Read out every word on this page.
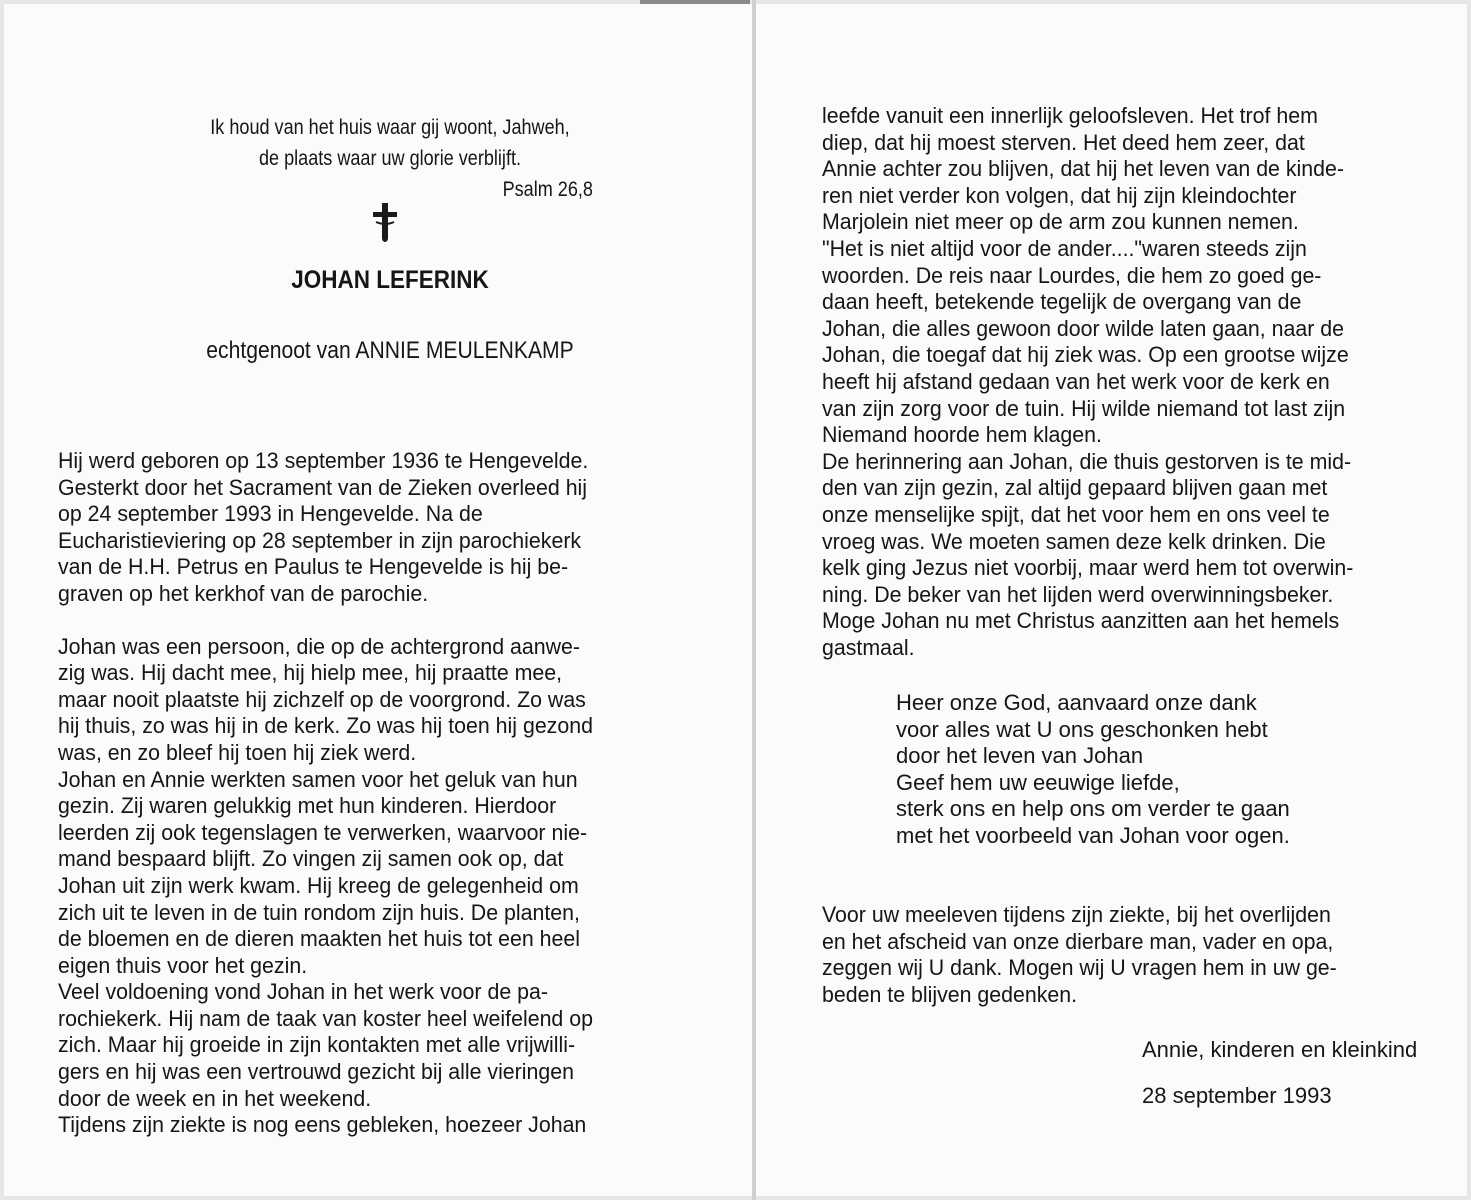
Ik houd van het huis waar gij woont, Jahweh,
de plaats waar uw glorie verblijft.
Psalm 26,8
JOHAN LEFERINK
echtgenoot van ANNIE MEULENKAMP
Hij werd geboren op 13 september 1936 te Hengevelde.
Gesterkt door het Sacrament van de Zieken overleed hij
op 24 september 1993 in Hengevelde. Na de
Eucharistieviering op 28 september in zijn parochiekerk
van de H.H. Petrus en Paulus te Hengevelde is hij be-
graven op het kerkhof van de parochie.
Johan was een persoon, die op de achtergrond aanwe-
zig was. Hij dacht mee, hij hielp mee, hij praatte mee,
maar nooit plaatste hij zichzelf op de voorgrond. Zo was
hij thuis, zo was hij in de kerk. Zo was hij toen hij gezond
was, en zo bleef hij toen hij ziek werd.
Johan en Annie werkten samen voor het geluk van hun
gezin. Zij waren gelukkig met hun kinderen. Hierdoor
leerden zij ook tegenslagen te verwerken, waarvoor nie-
mand bespaard blijft. Zo vingen zij samen ook op, dat
Johan uit zijn werk kwam. Hij kreeg de gelegenheid om
zich uit te leven in de tuin rondom zijn huis. De planten,
de bloemen en de dieren maakten het huis tot een heel
eigen thuis voor het gezin.
Veel voldoening vond Johan in het werk voor de pa-
rochiekerk. Hij nam de taak van koster heel weifelend op
zich. Maar hij groeide in zijn kontakten met alle vrijwilli-
gers en hij was een vertrouwd gezicht bij alle vieringen
door de week en in het weekend.
Tijdens zijn ziekte is nog eens gebleken, hoezeer Johan
leefde vanuit een innerlijk geloofsleven. Het trof hem
diep, dat hij moest sterven. Het deed hem zeer, dat
Annie achter zou blijven, dat hij het leven van de kinde-
ren niet verder kon volgen, dat hij zijn kleindochter
Marjolein niet meer op de arm zou kunnen nemen.
"Het is niet altijd voor de ander...."waren steeds zijn
woorden. De reis naar Lourdes, die hem zo goed ge-
daan heeft, betekende tegelijk de overgang van de
Johan, die alles gewoon door wilde laten gaan, naar de
Johan, die toegaf dat hij ziek was. Op een grootse wijze
heeft hij afstand gedaan van het werk voor de kerk en
van zijn zorg voor de tuin. Hij wilde niemand tot last zijn
Niemand hoorde hem klagen.
De herinnering aan Johan, die thuis gestorven is te mid-
den van zijn gezin, zal altijd gepaard blijven gaan met
onze menselijke spijt, dat het voor hem en ons veel te
vroeg was. We moeten samen deze kelk drinken. Die
kelk ging Jezus niet voorbij, maar werd hem tot overwin-
ning. De beker van het lijden werd overwinningsbeker.
Moge Johan nu met Christus aanzitten aan het hemels
gastmaal.
Heer onze God, aanvaard onze dank
voor alles wat U ons geschonken hebt
door het leven van Johan
Geef hem uw eeuwige liefde,
sterk ons en help ons om verder te gaan
met het voorbeeld van Johan voor ogen.
Voor uw meeleven tijdens zijn ziekte, bij het overlijden
en het afscheid van onze dierbare man, vader en opa,
zeggen wij U dank. Mogen wij U vragen hem in uw ge-
beden te blijven gedenken.
Annie, kinderen en kleinkind
28 september 1993
